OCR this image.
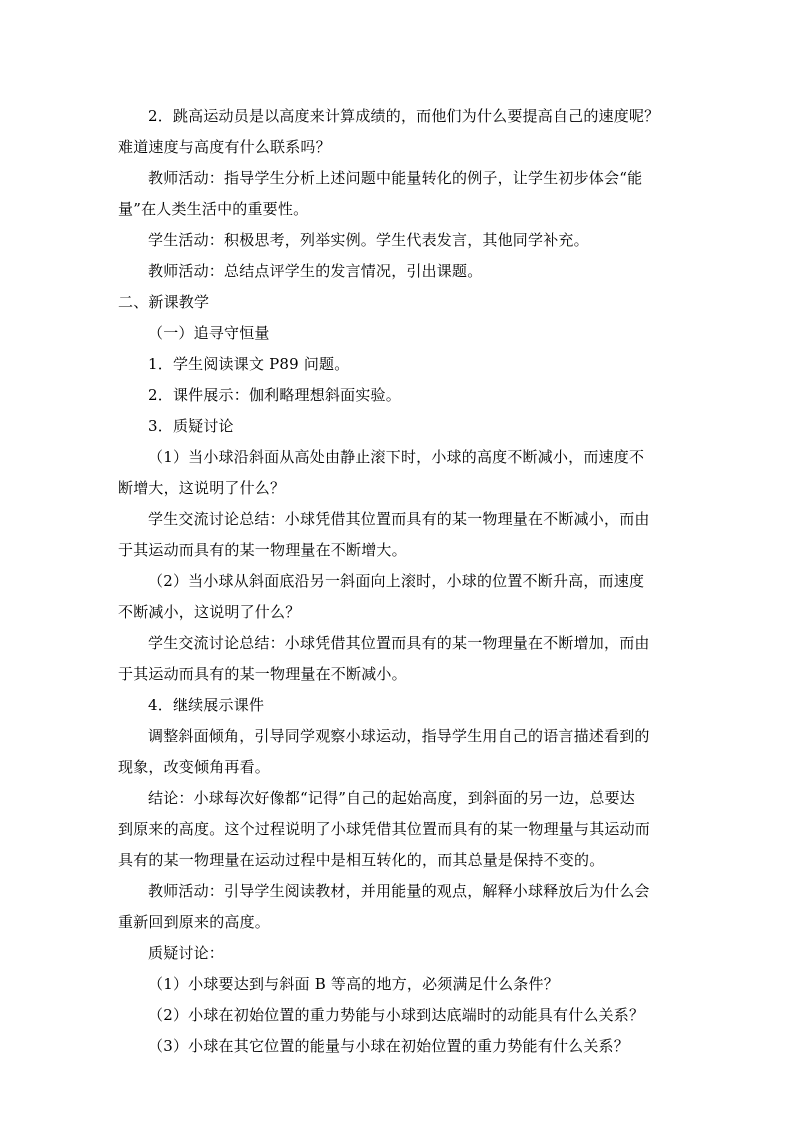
2．跳高运动员是以高度来计算成绩的，而他们为什么要提高自己的速度呢？
难道速度与高度有什么联系吗？
教师活动：指导学生分析上述问题中能量转化的例子，让学生初步体会“能
量”在人类生活中的重要性。
学生活动：积极思考，列举实例。学生代表发言，其他同学补充。
教师活动：总结点评学生的发言情况，引出课题。
二、新课教学
（一）追寻守恒量
1．学生阅读课文 P89 问题。
2．课件展示：伽利略理想斜面实验。
3．质疑讨论
（1）当小球沿斜面从高处由静止滚下时，小球的高度不断减小，而速度不
断增大，这说明了什么？
学生交流讨论总结：小球凭借其位置而具有的某一物理量在不断减小，而由
于其运动而具有的某一物理量在不断增大。
（2）当小球从斜面底沿另一斜面向上滚时，小球的位置不断升高，而速度
不断减小，这说明了什么？
学生交流讨论总结：小球凭借其位置而具有的某一物理量在不断增加，而由
于其运动而具有的某一物理量在不断减小。
4．继续展示课件
调整斜面倾角，引导同学观察小球运动，指导学生用自己的语言描述看到的
现象，改变倾角再看。
结论：小球每次好像都“记得”自己的起始高度，到斜面的另一边，总要达
到原来的高度。这个过程说明了小球凭借其位置而具有的某一物理量与其运动而
具有的某一物理量在运动过程中是相互转化的，而其总量是保持不变的。
教师活动：引导学生阅读教材，并用能量的观点，解释小球释放后为什么会
重新回到原来的高度。
质疑讨论：
（1）小球要达到与斜面 B 等高的地方，必须满足什么条件？
（2）小球在初始位置的重力势能与小球到达底端时的动能具有什么关系？
（3）小球在其它位置的能量与小球在初始位置的重力势能有什么关系？
